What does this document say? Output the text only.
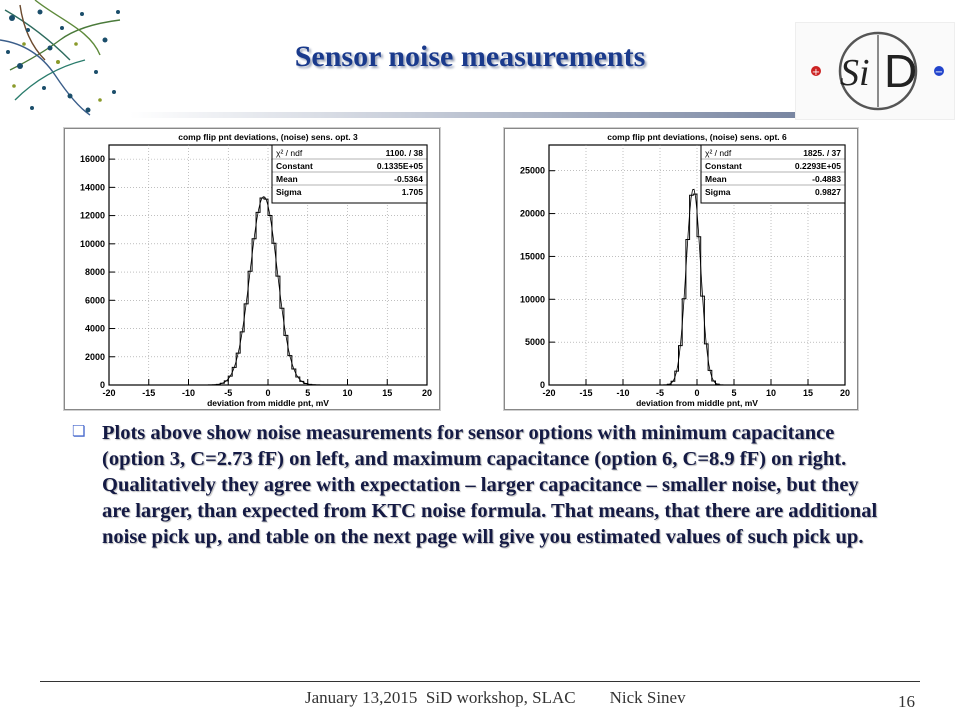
Sensor noise measurements	Si D
+	−
0
2000
4000
6000
8000
10000
12000
14000
16000
-20	-15	-10	-5	0	5	10	15	20
comp flip pnt deviations, (noise) sens. opt. 3
deviation from middle pnt, mV
χ² / ndf	1100. / 38
Constant	0.1335E+05
Mean	-0.5364
Sigma	1.705
0
5000
10000
15000
20000
25000
-20	-15	-10	-5	0	5	10	15	20
comp flip pnt deviations, (noise) sens. opt. 6
deviation from middle pnt, mV
χ² / ndf	1825. / 37
Constant	0.2293E+05
Mean	-0.4883
Sigma	0.9827
❏ Plots above show noise measurements for sensor options with minimum capacitance (option 3, C=2.73 fF) on left, and maximum capacitance (option 6, C=8.9 fF) on right. Qualitatively they agree with expectation – larger capacitance – smaller noise, but they are larger, than expected from KTC noise formula. That means, that there are additional noise pick up, and table on the next page will give you estimated values of such pick up.

January 13,2015  SiD workshop, SLAC        Nick Sinev	16
